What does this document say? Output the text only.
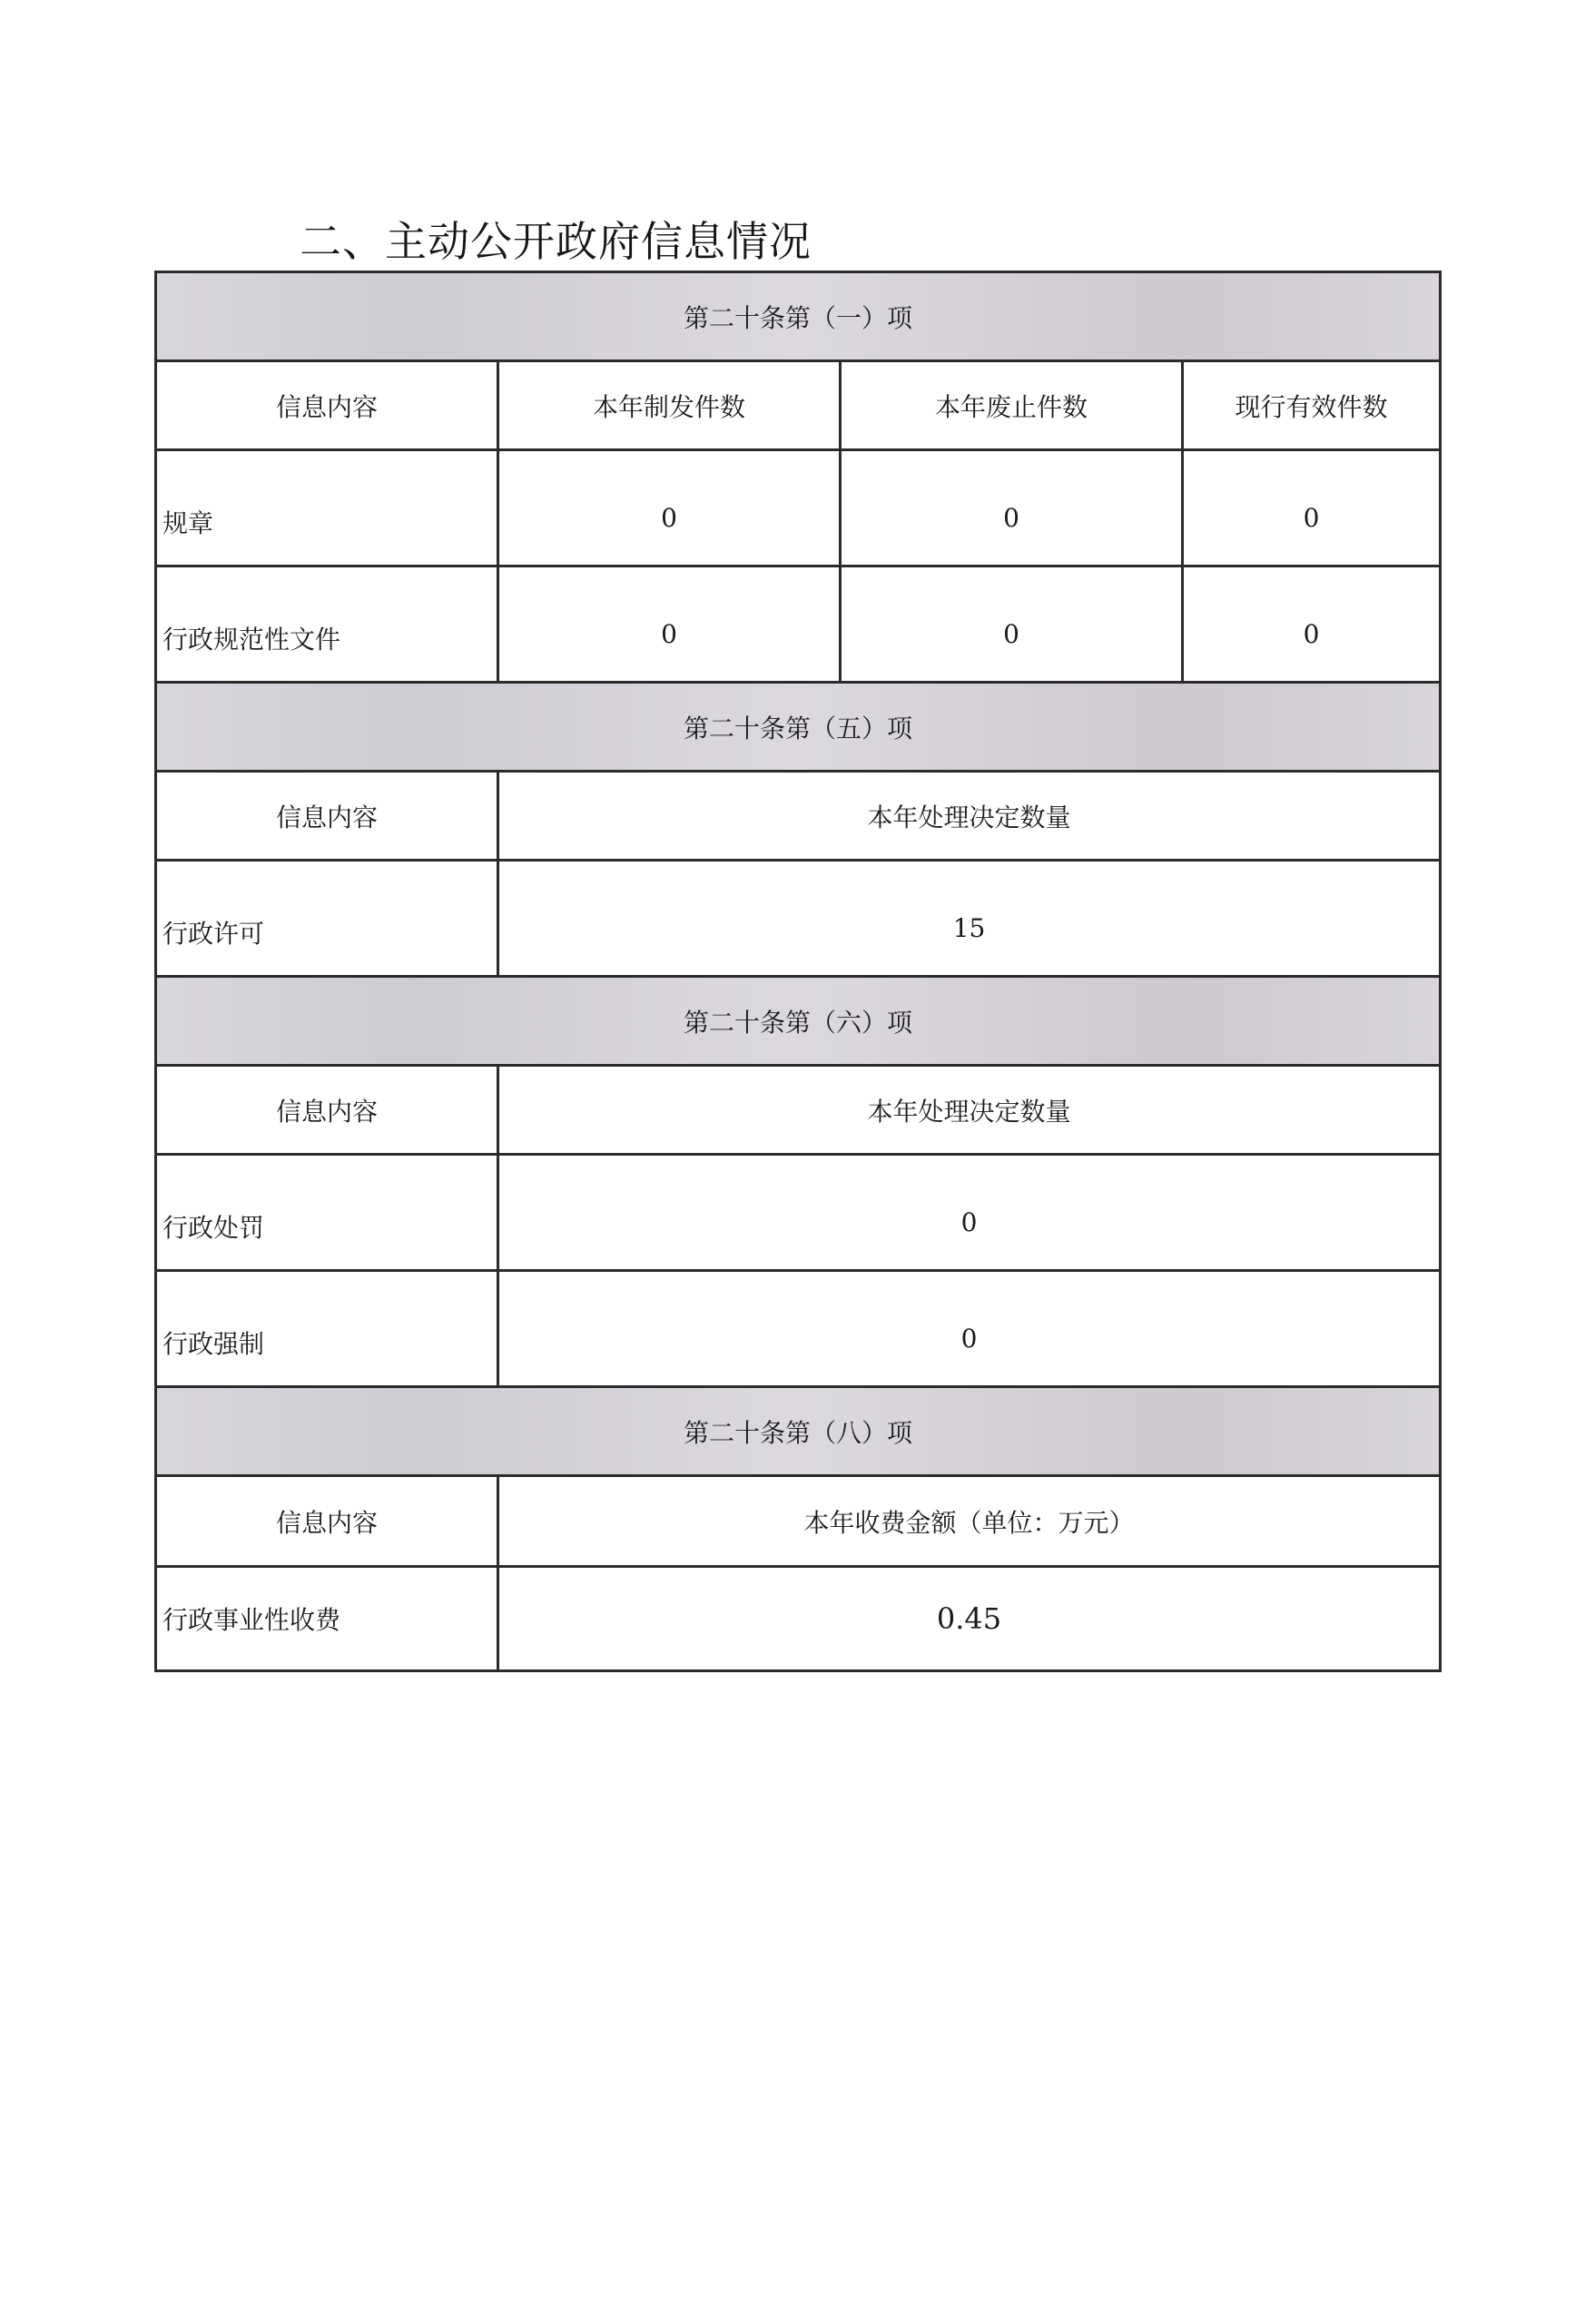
二、主动公开政府信息情况
第二十条第（一）项			
信息内容	本年制发件数	本年废止件数	现行有效件数
规章	0	0	0
行政规范性文件	0	0	0
第二十条第（五）项			
信息内容	本年处理决定数量		
行政许可	15		
第二十条第（六）项			
信息内容	本年处理决定数量		
行政处罚	0		
行政强制	0		
第二十条第（八）项			
信息内容	本年收费金额（单位：万元）		
行政事业性收费	0.45		
